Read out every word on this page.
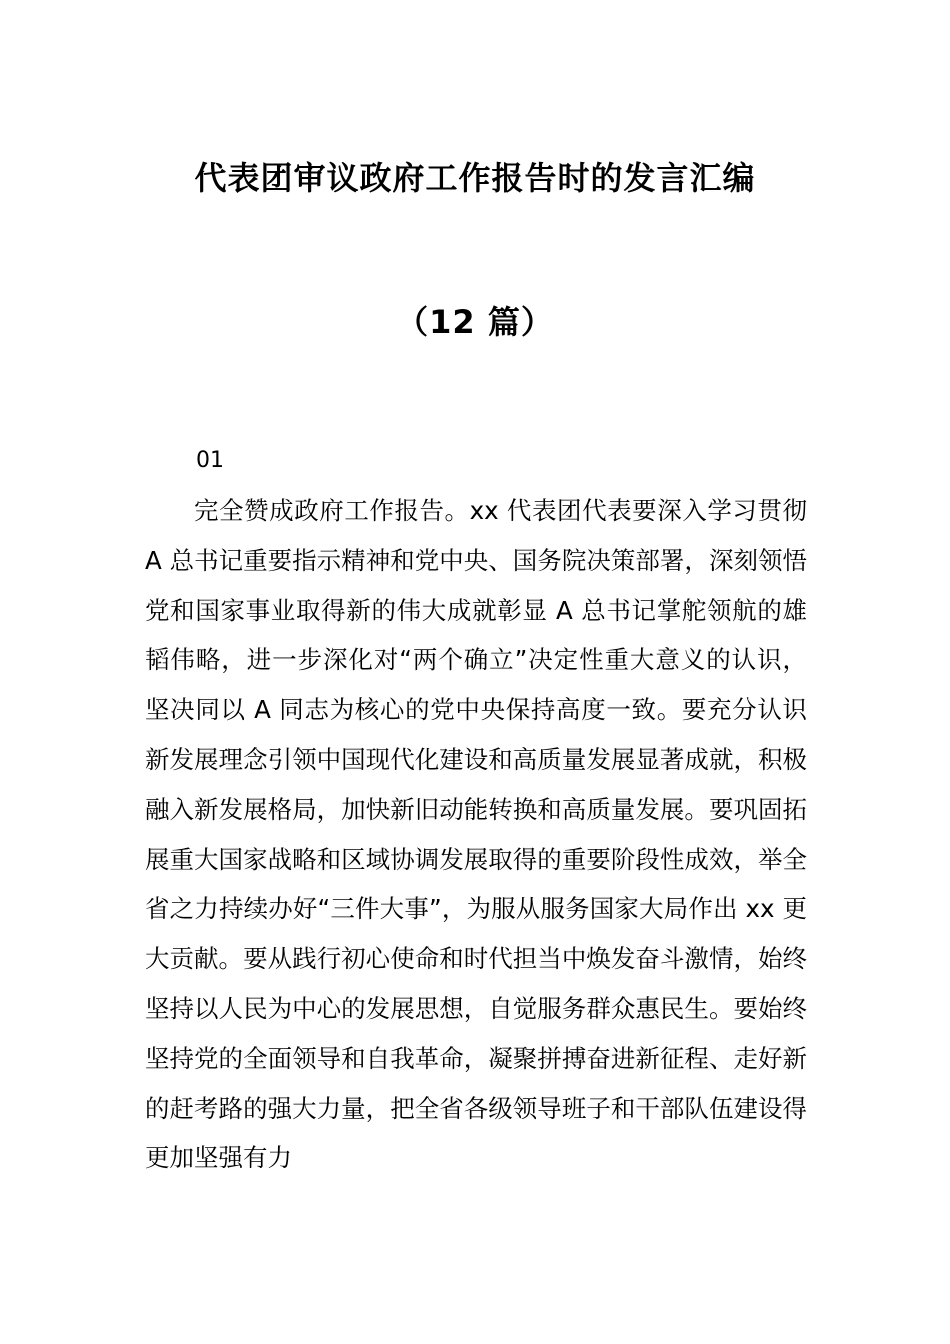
代表团审议政府工作报告时的发言汇编
（12 篇）

01

完全赞成政府工作报告。xx 代表团代表要深入学习贯彻 A 总书记重要指示精神和党中央、国务院决策部署，深刻领悟党和国家事业取得新的伟大成就彰显 A 总书记掌舵领航的雄韬伟略，进一步深化对“两个确立”决定性重大意义的认识，坚决同以 A 同志为核心的党中央保持高度一致。要充分认识新发展理念引领中国现代化建设和高质量发展显著成就，积极融入新发展格局，加快新旧动能转换和高质量发展。要巩固拓展重大国家战略和区域协调发展取得的重要阶段性成效，举全省之力持续办好“三件大事”，为服从服务国家大局作出 xx 更大贡献。要从践行初心使命和时代担当中焕发奋斗激情，始终坚持以人民为中心的发展思想，自觉服务群众惠民生。要始终坚持党的全面领导和自我革命，凝聚拼搏奋进新征程、走好新的赶考路的强大力量，把全省各级领导班子和干部队伍建设得更加坚强有力
